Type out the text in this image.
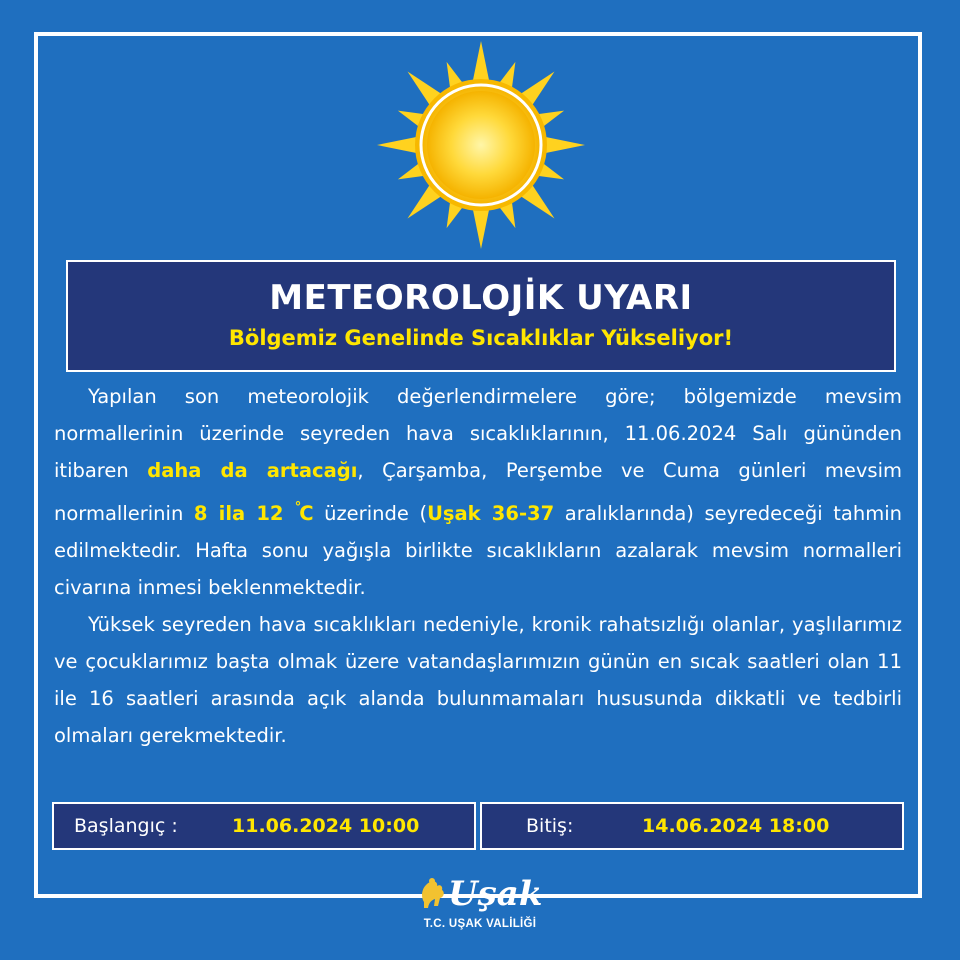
METEOROLOJİK UYARI
Bölgemiz Genelinde Sıcaklıklar Yükseliyor!

Yapılan son meteorolojik değerlendirmelere göre; bölgemizde mevsim normallerinin üzerinde seyreden hava sıcaklıklarının, 11.06.2024 Salı gününden itibaren daha da artacağı, Çarşamba, Perşembe ve Cuma günleri mevsim normallerinin 8 ila 12 °C üzerinde (Uşak 36-37 aralıklarında) seyredeceği tahmin edilmektedir. Hafta sonu yağışla birlikte sıcaklıkların azalarak mevsim normalleri civarına inmesi beklenmektedir.

Yüksek seyreden hava sıcaklıkları nedeniyle, kronik rahatsızlığı olanlar, yaşlılarımız ve çocuklarımız başta olmak üzere vatandaşlarımızın günün en sıcak saatleri olan 11 ile 16 saatleri arasında açık alanda bulunmamaları hususunda dikkatli ve tedbirli olmaları gerekmektedir.

Başlangıç :	11.06.2024 10:00	Bitiş:	14.06.2024 18:00
Uşak
T.C. UŞAK VALİLİĞİ
